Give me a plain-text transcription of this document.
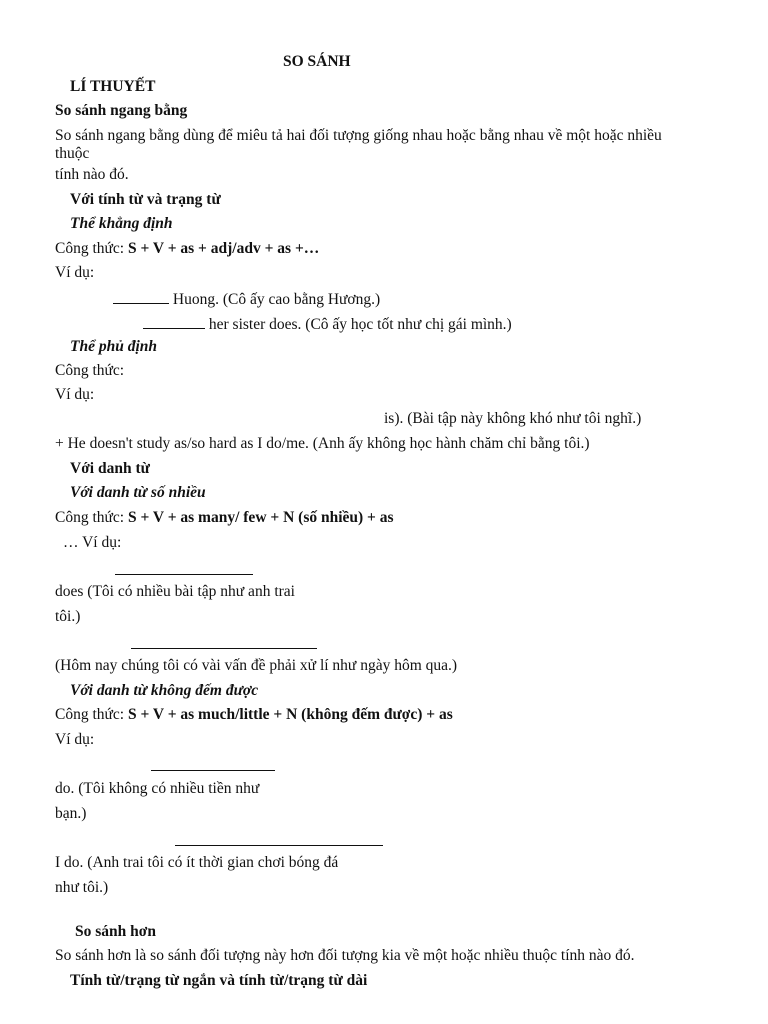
SO SÁNH
LÍ THUYẾT
So sánh ngang bằng
So sánh ngang bằng dùng để miêu tả hai đối tượng giống nhau hoặc bằng nhau về một hoặc nhiều
thuộc
tính nào đó.
Với tính từ và trạng từ
Thể khẳng định
Công thức: S + V + as + adj/adv + as +…
Ví dụ:
Huong. (Cô ấy cao bằng Hương.)
her sister does. (Cô ấy học tốt như chị gái mình.)
Thể phủ định
Công thức:
Ví dụ:
is). (Bài tập này không khó như tôi nghĩ.)
+ He doesn't study as/so hard as I do/me. (Anh ấy không học hành chăm chỉ bằng tôi.)
Với danh từ
Với danh từ số nhiều
Công thức: S + V + as many/ few + N (số nhiều) + as
… Ví dụ:
does (Tôi có nhiều bài tập như anh trai
tôi.)
(Hôm nay chúng tôi có vài vấn đề phải xử lí như ngày hôm qua.)
Với danh từ không đếm được
Công thức: S + V + as much/little + N (không đếm được) + as
Ví dụ:
do. (Tôi không có nhiều tiền như
bạn.)
I do. (Anh trai tôi có ít thời gian chơi bóng đá
như tôi.)
So sánh hơn
So sánh hơn là so sánh đối tượng này hơn đối tượng kia về một hoặc nhiều thuộc tính nào đó.
Tính từ/trạng từ ngắn và tính từ/trạng từ dài
